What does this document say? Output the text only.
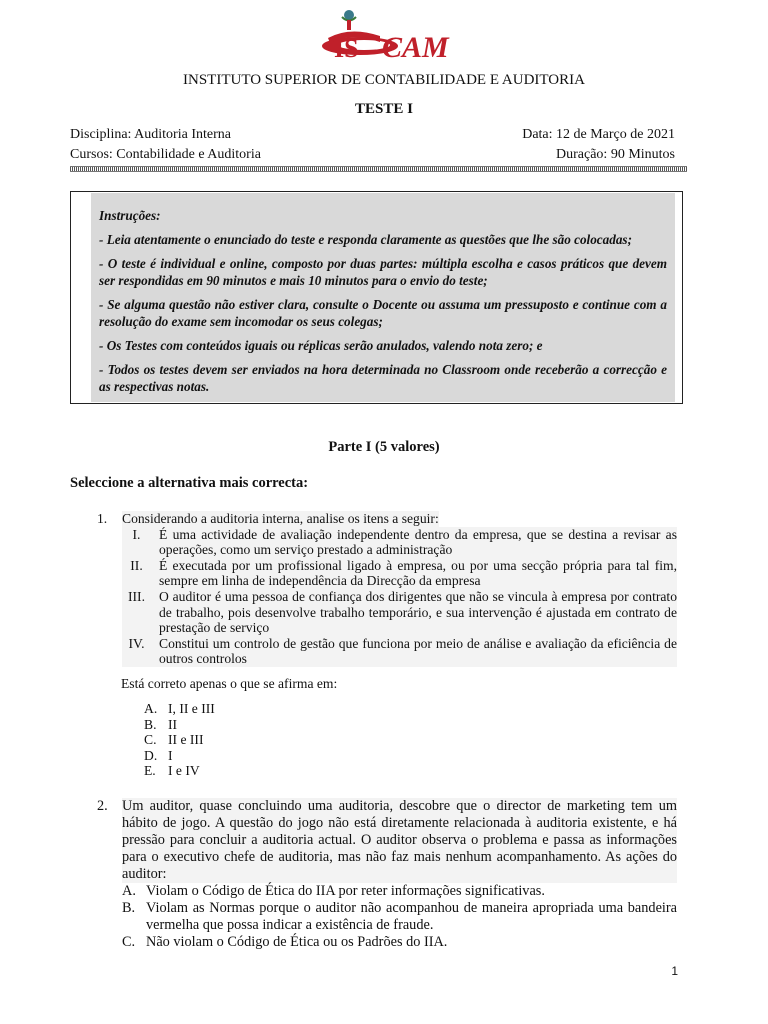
CAM
IS
INSTITUTO SUPERIOR DE CONTABILIDADE E AUDITORIA
TESTE I
Disciplina: Auditoria Interna
Cursos: Contabilidade e Auditoria
Data: 12 de Março de 2021
Duração: 90 Minutos

Instruções:

- Leia atentamente o enunciado do teste e responda claramente as questões que lhe são colocadas;

- O teste é individual e online, composto por duas partes: múltipla escolha e casos práticos que devem ser respondidas em 90 minutos e mais 10 minutos para o envio do teste;

- Se alguma questão não estiver clara, consulte o Docente ou assuma um pressuposto e continue com a resolução do exame sem incomodar os seus colegas;

- Os Testes com conteúdos iguais ou réplicas serão anulados, valendo nota zero; e

- Todos os testes devem ser enviados na hora determinada no Classroom onde receberão a correcção e as respectivas notas.

Parte I (5 valores)
Seleccione a alternativa mais correcta:
1.	Considerando a auditoria interna, analise os itens a seguir:
I.	É uma actividade de avaliação independente dentro da empresa, que se destina a revisar as operações, como um serviço prestado a administração
II.	É executada por um profissional ligado à empresa, ou por uma secção própria para tal fim, sempre em linha de independência da Direcção da empresa
III.	O auditor é uma pessoa de confiança dos dirigentes que não se vincula à empresa por contrato de trabalho, pois desenvolve trabalho temporário, e sua intervenção é ajustada em contrato de prestação de serviço
IV.	Constitui um controlo de gestão que funciona por meio de análise e avaliação da eficiência de outros controlos
Está correto apenas o que se afirma em:
A. I, II e III
B. II
C. II e III
D. I
E. I e IV
2. Um auditor, quase concluindo uma auditoria, descobre que o director de marketing tem um hábito de jogo. A questão do jogo não está diretamente relacionada à auditoria existente, e há pressão para concluir a auditoria actual. O auditor observa o problema e passa as informações para o executivo chefe de auditoria, mas não faz mais nenhum acompanhamento. As ações do auditor:
A. Violam o Código de Ética do IIA por reter informações significativas.
B. Violam as Normas porque o auditor não acompanhou de maneira apropriada uma bandeira vermelha que possa indicar a existência de fraude.
C. Não violam o Código de Ética ou os Padrões do IIA.
1
